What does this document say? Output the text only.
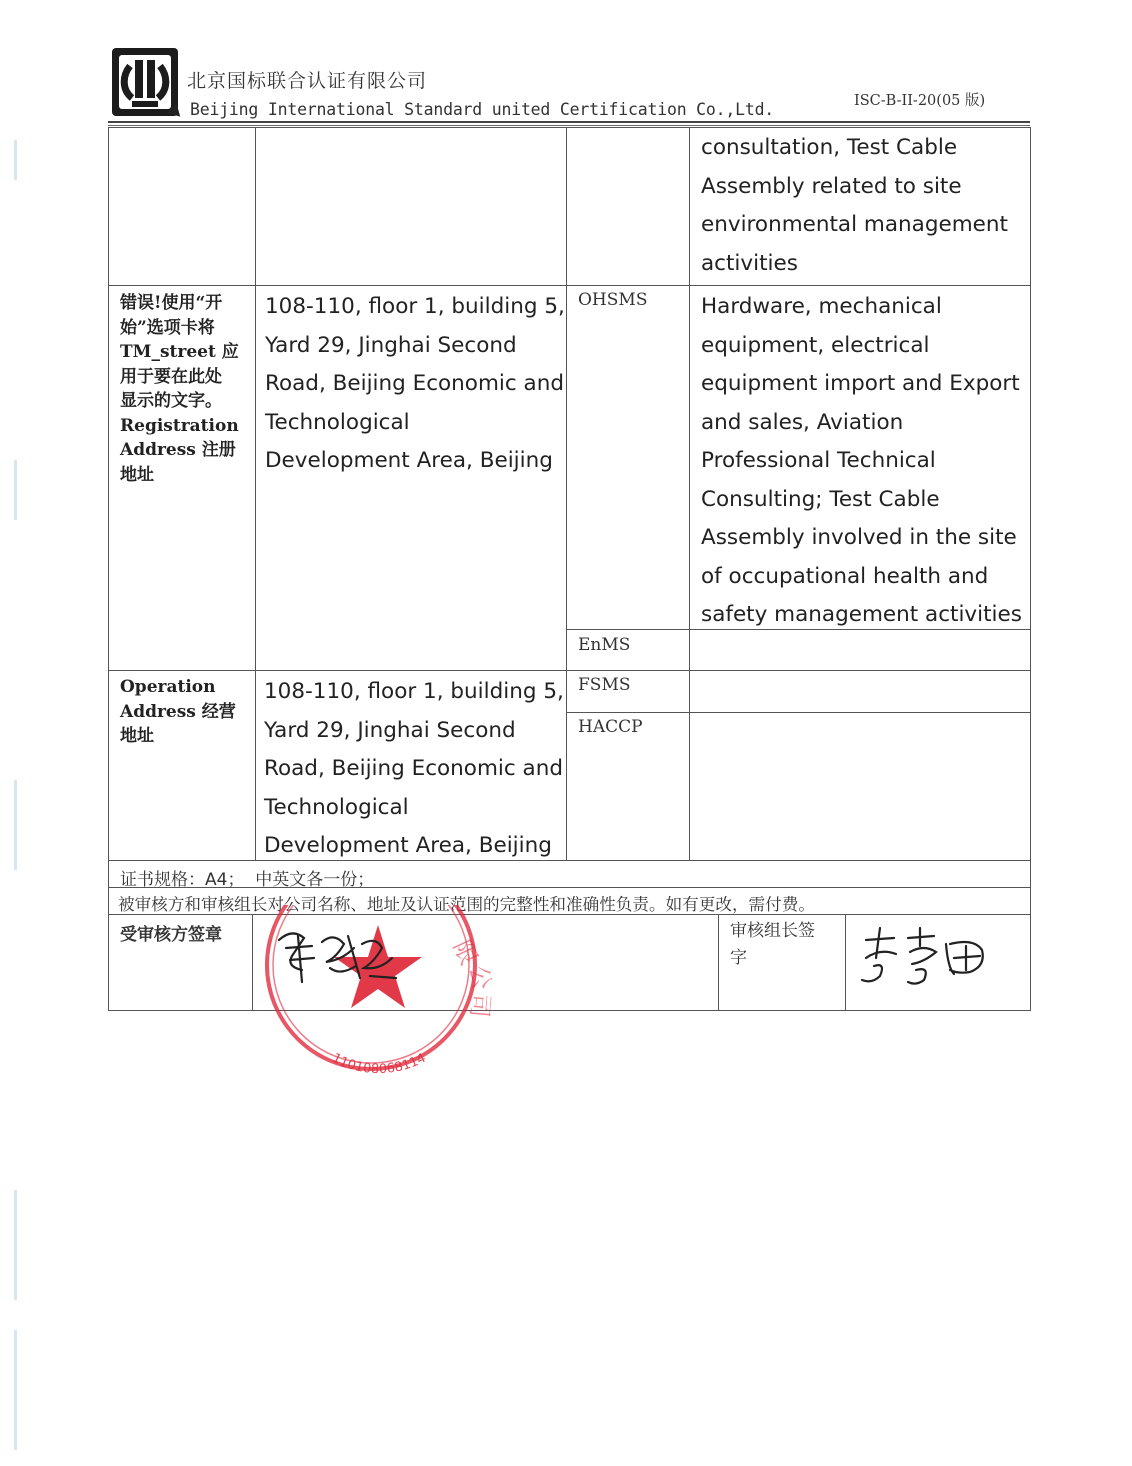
北京国标联合认证有限公司
Beijing International Standard united Certification Co.,Ltd.	ISC-B-II-20(05 版)
consultation, Test Cable
Assembly related to site
environmental management
activities
错误!使用“开
始”选项卡将
TM_street 应
用于要在此处
显示的文字。
Registration
Address 注册
地址
108-110, floor 1, building 5,
Yard 29, Jinghai Second
Road, Beijing Economic and
Technological
Development Area, Beijing
OHSMS Hardware, mechanical
equipment, electrical
equipment import and Export
and sales, Aviation
Professional Technical
Consulting; Test Cable
Assembly involved in the site
of occupational health and
safety management activities
EnMS
Operation
Address 经营
地址
108-110, floor 1, building 5,
Yard 29, Jinghai Second
Road, Beijing Economic and
Technological
Development Area, Beijing
FSMS
HACCP
证书规格：A4；  中英文各一份；
被审核方和审核组长对公司名称、地址及认证范围的完整性和准确性负责。如有更改，需付费。
受审核方签章	审核组长签
字
限
公
司
110108068114
